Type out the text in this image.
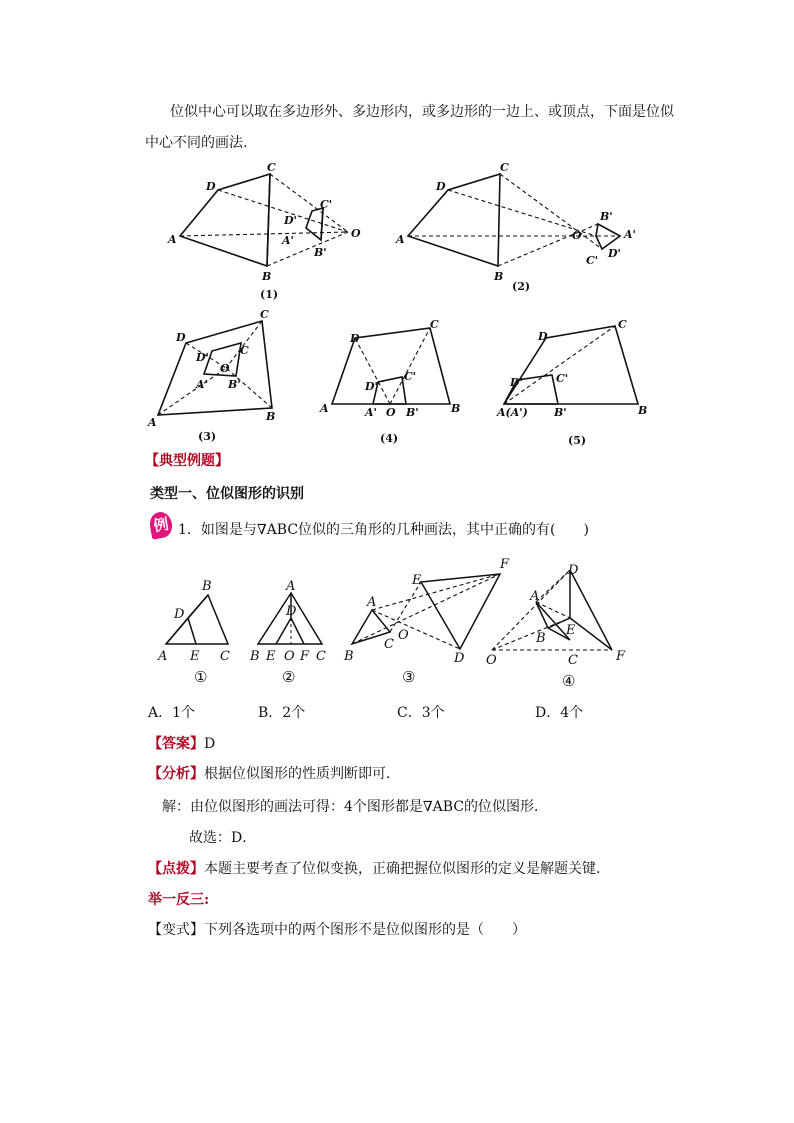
位似中心可以取在多边形外、多边形内，或多边形的一边上、或顶点，下面是位似
中心不同的画法.
A
D
C
B
D'
C'
A'
B'
O
(1)
A
D
C
B
O
B'
A'
D'
C'
(2)
A
D
C
B
D'
C
O
A' B'
(3)
A
D
C
B
D'
C'
A' O B'
(4)
A(A')
D
C
B
D'	C'
B'
(5)
【典型例题】
类型一、位似图形的识别
例 1．如图是与∇ABC位似的三角形的几种画法，其中正确的有(　　)
B
D
A E C
①
A
D
B E O F C
②
A
B
C
O
E
F
D
③
D
A
B
E
O	C	F
④
A．1个	B．2个	C．3个	D．4个
【答案】D
【分析】根据位似图形的性质判断即可．
解：由位似图形的画法可得：4个图形都是∇ABC的位似图形．
故选：D．
【点拨】本题主要考查了位似变换，正确把握位似图形的定义是解题关键．
举一反三:
【变式】下列各选项中的两个图形不是位似图形的是（　　）
